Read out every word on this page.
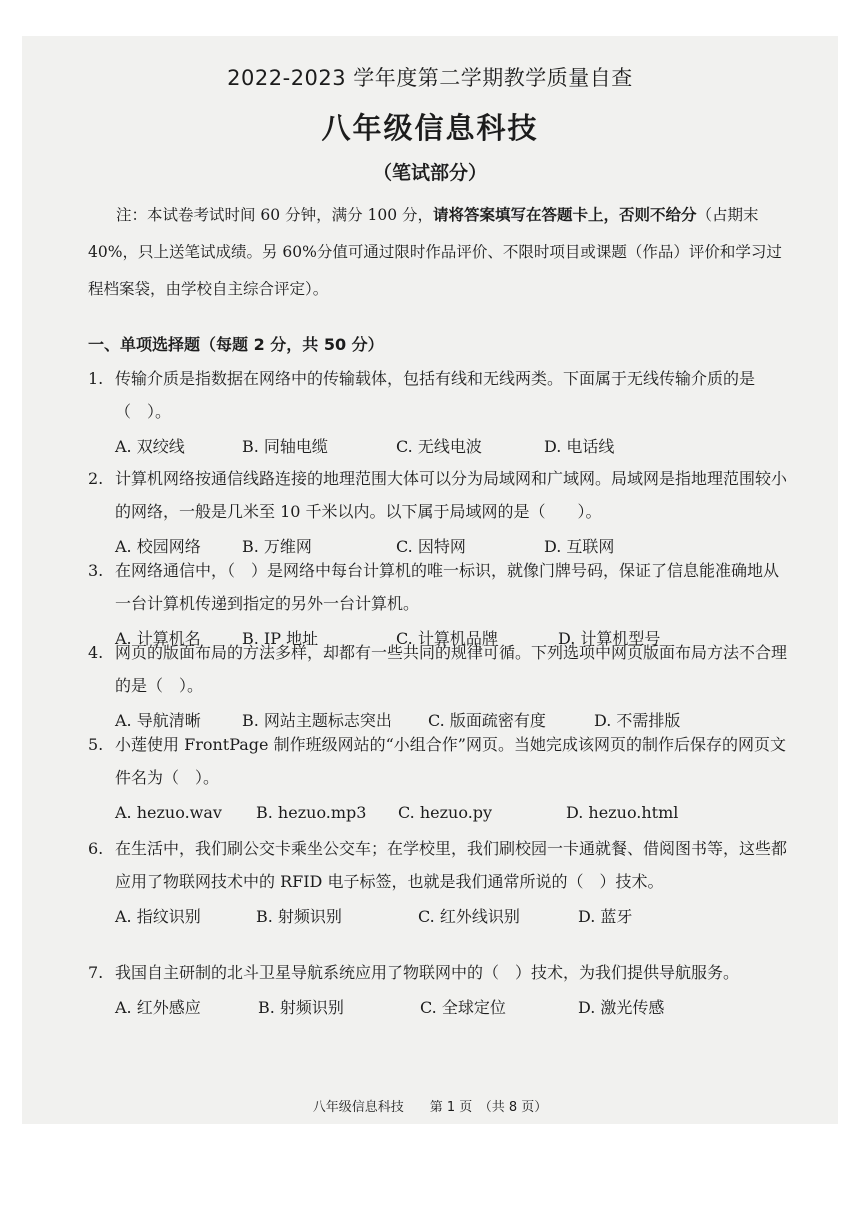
2022-2023 学年度第二学期教学质量自查
八年级信息科技
（笔试部分）
注：本试卷考试时间 60 分钟，满分 100 分，请将答案填写在答题卡上，否则不给分（占期末 40%，只上送笔试成绩。另 60%分值可通过限时作品评价、不限时项目或课题（作品）评价和学习过程档案袋，由学校自主综合评定）。
一、单项选择题（每题 2 分，共 50 分）
1. 传输介质是指数据在网络中的传输载体，包括有线和无线两类。下面属于无线传输介质的是（　）。
A. 双绞线	B. 同轴电缆	C. 无线电波	D. 电话线
2. 计算机网络按通信线路连接的地理范围大体可以分为局域网和广域网。局域网是指地理范围较小的网络，一般是几米至 10 千米以内。以下属于局域网的是（　　）。
A. 校园网络	B. 万维网	C. 因特网	D. 互联网
3. 在网络通信中，（　）是网络中每台计算机的唯一标识，就像门牌号码，保证了信息能准确地从一台计算机传递到指定的另外一台计算机。
A. 计算机名	B. IP 地址	C. 计算机品牌	D. 计算机型号
4. 网页的版面布局的方法多样，却都有一些共同的规律可循。下列选项中网页版面布局方法不合理的是（　）。
A. 导航清晰	B. 网站主题标志突出 C. 版面疏密有度	D. 不需排版
5. 小莲使用 FrontPage 制作班级网站的“小组合作”网页。当她完成该网页的制作后保存的网页文件名为（　）。
A. hezuo.wav B. hezuo.mp3 C. hezuo.py	D. hezuo.html
6. 在生活中，我们刷公交卡乘坐公交车；在学校里，我们刷校园一卡通就餐、借阅图书等，这些都应用了物联网技术中的 RFID 电子标签，也就是我们通常所说的（　）技术。
A. 指纹识别	B. 射频识别	C. 红外线识别	D. 蓝牙
7. 我国自主研制的北斗卫星导航系统应用了物联网中的（　）技术，为我们提供导航服务。
A. 红外感应	B. 射频识别	C. 全球定位	D. 激光传感
八年级信息科技　　第 1 页　（共 8 页）
